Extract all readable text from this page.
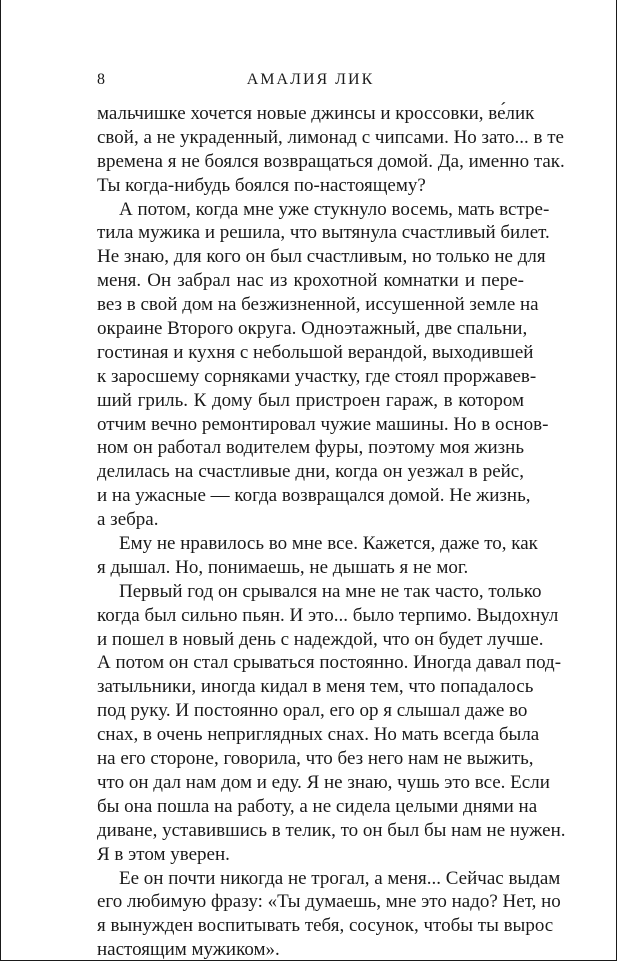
8	АМАЛИЯ ЛИК
мальчишке хочется новые джинсы и кроссовки, ве́лик
свой, а не украденный, лимонад с чипсами. Но зато... в те
времена я не боялся возвращаться домой. Да, именно так.
Ты когда-нибудь боялся по-настоящему?
А потом, когда мне уже стукнуло восемь, мать встре-
тила мужика и решила, что вытянула счастливый билет.
Не знаю, для кого он был счастливым, но только не для
меня. Он забрал нас из крохотной комнатки и пере-
вез в свой дом на безжизненной, иссушенной земле на
окраине Второго округа. Одноэтажный, две спальни,
гостиная и кухня с небольшой верандой, выходившей
к заросшему сорняками участку, где стоял проржавев-
ший гриль. К дому был пристроен гараж, в котором
отчим вечно ремонтировал чужие машины. Но в основ-
ном он работал водителем фуры, поэтому моя жизнь
делилась на счастливые дни, когда он уезжал в рейс,
и на ужасные — когда возвращался домой. Не жизнь,
а зебра.
Ему не нравилось во мне все. Кажется, даже то, как
я дышал. Но, понимаешь, не дышать я не мог.
Первый год он срывался на мне не так часто, только
когда был сильно пьян. И это... было терпимо. Выдохнул
и пошел в новый день с надеждой, что он будет лучше.
А потом он стал срываться постоянно. Иногда давал под-
затыльники, иногда кидал в меня тем, что попадалось
под руку. И постоянно орал, его ор я слышал даже во
снах, в очень неприглядных снах. Но мать всегда была
на его стороне, говорила, что без него нам не выжить,
что он дал нам дом и еду. Я не знаю, чушь это все. Если
бы она пошла на работу, а не сидела целыми днями на
диване, уставившись в телик, то он был бы нам не нужен.
Я в этом уверен.
Ее он почти никогда не трогал, а меня... Сейчас выдам
его любимую фразу: «Ты думаешь, мне это надо? Нет, но
я вынужден воспитывать тебя, сосунок, чтобы ты вырос
настоящим мужиком».
